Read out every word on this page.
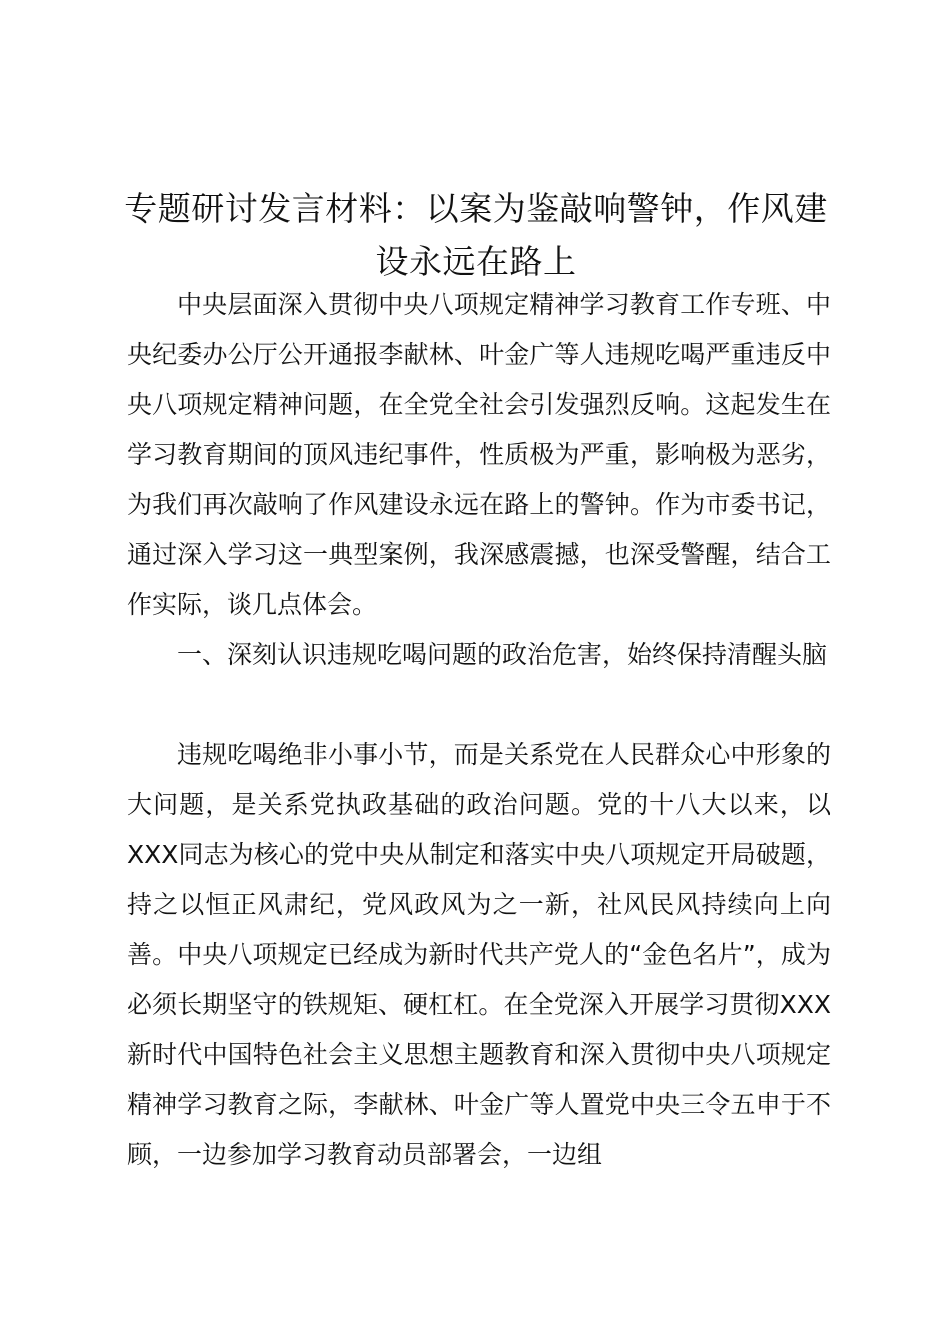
专题研讨发言材料：以案为鉴敲响警钟，作风建设永远在路上

中央层面深入贯彻中央八项规定精神学习教育工作专班、中央纪委办公厅公开通报李献林、叶金广等人违规吃喝严重违反中央八项规定精神问题，在全党全社会引发强烈反响。这起发生在学习教育期间的顶风违纪事件，性质极为严重，影响极为恶劣，为我们再次敲响了作风建设永远在路上的警钟。作为市委书记，通过深入学习这一典型案例，我深感震撼，也深受警醒，结合工作实际，谈几点体会。

一、深刻认识违规吃喝问题的政治危害，始终保持清醒头脑

违规吃喝绝非小事小节，而是关系党在人民群众心中形象的大问题，是关系党执政基础的政治问题。党的十八大以来，以XXX同志为核心的党中央从制定和落实中央八项规定开局破题，持之以恒正风肃纪，党风政风为之一新，社风民风持续向上向善。中央八项规定已经成为新时代共产党人的“金色名片”，成为必须长期坚守的铁规矩、硬杠杠。在全党深入开展学习贯彻XXX新时代中国特色社会主义思想主题教育和深入贯彻中央八项规定精神学习教育之际，李献林、叶金广等人置党中央三令五申于不顾，一边参加学习教育动员部署会，一边组
